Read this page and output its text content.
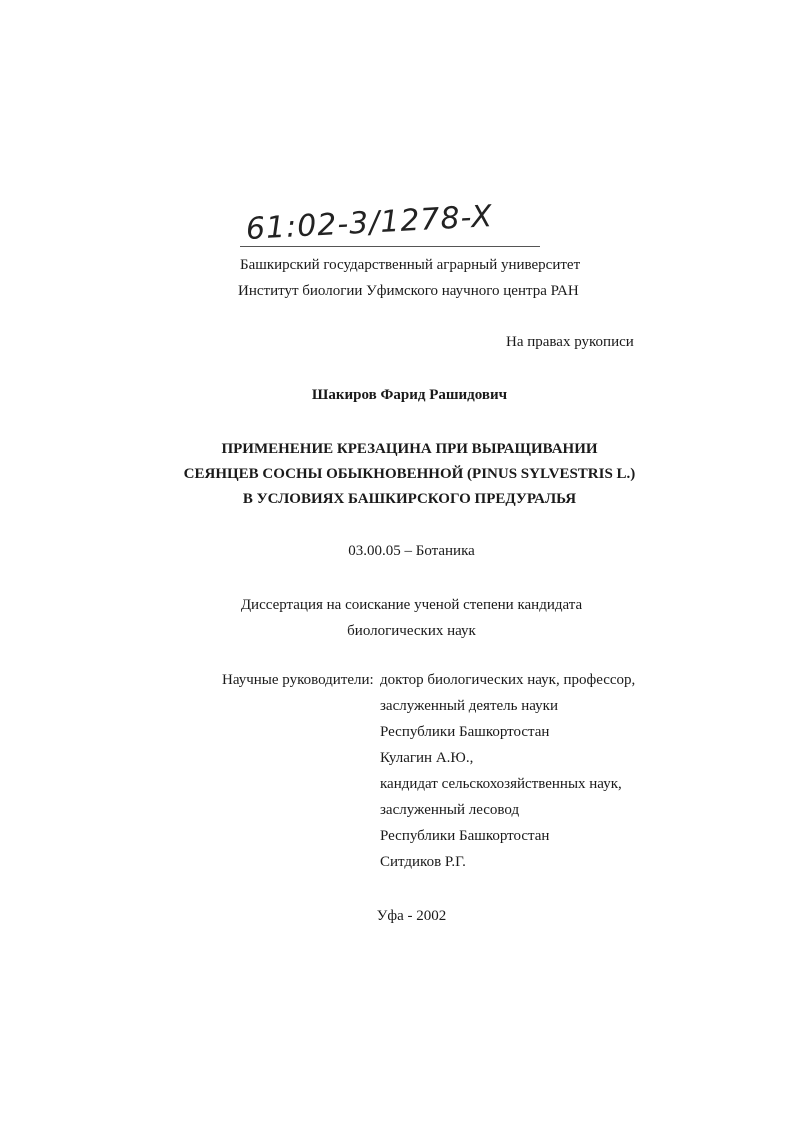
61:02-3/1278-X
Башкирский государственный аграрный университет
Институт биологии Уфимского научного центра РАН
На правах рукописи
Шакиров Фарид Рашидович
ПРИМЕНЕНИЕ КРЕЗАЦИНА ПРИ ВЫРАЩИВАНИИ
СЕЯНЦЕВ СОСНЫ ОБЫКНОВЕННОЙ (PINUS SYLVESTRIS L.)
В УСЛОВИЯХ БАШКИРСКОГО ПРЕДУРАЛЬЯ
03.00.05 – Ботаника
Диссертация на соискание ученой степени кандидата
биологических наук
Научные руководители: доктор биологических наук, профессор,
заслуженный деятель науки
Республики Башкортостан
Кулагин А.Ю.,
кандидат сельскохозяйственных наук,
заслуженный лесовод
Республики Башкортостан
Ситдиков Р.Г.
Уфа - 2002
